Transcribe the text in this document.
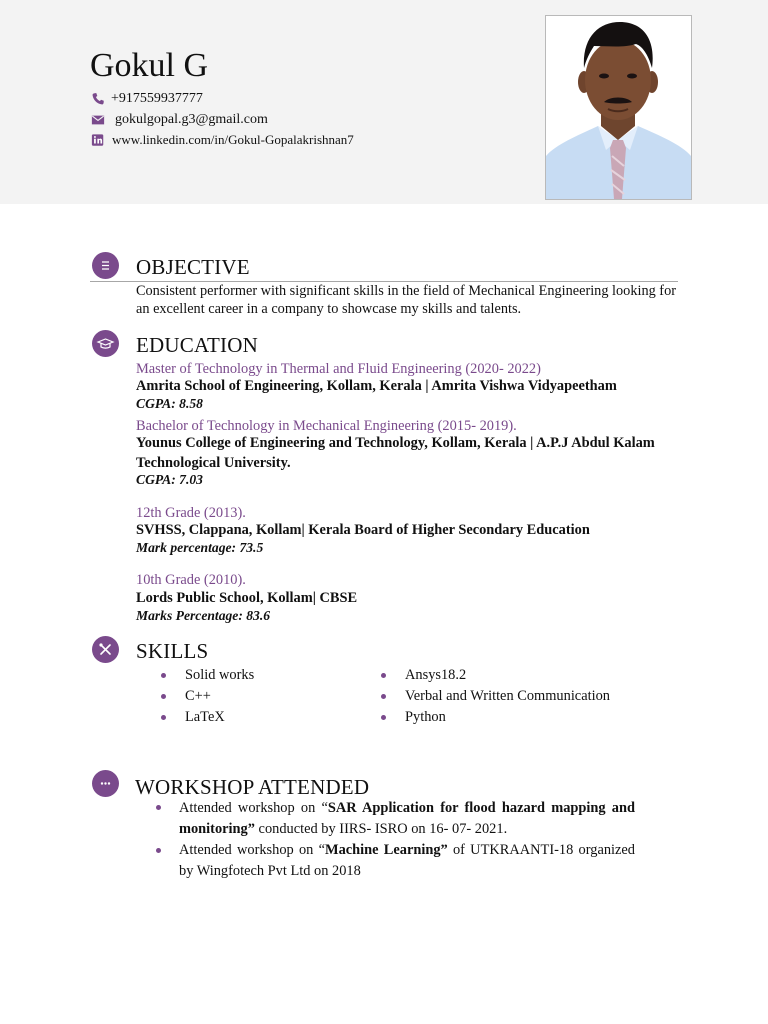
Gokul G
+917559937777
gokulgopal.g3@gmail.com
www.linkedin.com/in/Gokul-Gopalakrishnan7
OBJECTIVE
Consistent performer with significant skills in the field of Mechanical Engineering looking for an excellent career in a company to showcase my skills and talents.
EDUCATION
Master of Technology in Thermal and Fluid Engineering (2020- 2022)
Amrita School of Engineering, Kollam, Kerala | Amrita Vishwa Vidyapeetham
CGPA: 8.58
Bachelor of Technology in Mechanical Engineering (2015- 2019).
Younus College of Engineering and Technology, Kollam, Kerala | A.P.J Abdul Kalam Technological University.
CGPA: 7.03
12th Grade (2013).
SVHSS, Clappana, Kollam| Kerala Board of Higher Secondary Education
Mark percentage: 73.5
10th Grade (2010).
Lords Public School, Kollam| CBSE
Marks Percentage: 83.6
SKILLS
Solid works
C++
LaTeX
Ansys18.2
Verbal and Written Communication
Python
WORKSHOP ATTENDED
Attended workshop on “SAR Application for flood hazard mapping and monitoring” conducted by IIRS- ISRO on 16- 07- 2021.
Attended workshop on “Machine Learning” of UTKRAANTI-18 organized by Wingfotech Pvt Ltd on 2018
